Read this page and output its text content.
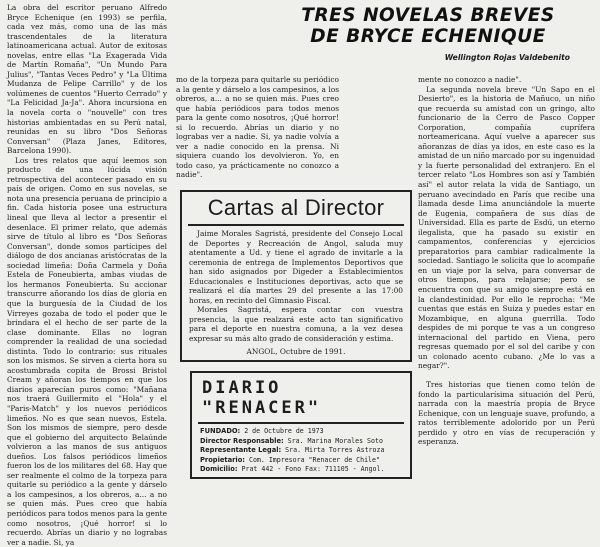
La obra del escritor peruano Alfredo Bryce Echenique (en 1993) se perfila, cada vez más, como una de las más trascendentales de la literatura latinoamericana actual. Autor de exitosas novelas, entre ellas "La Exagerada Vida de Martín Romaña", "Un Mundo Para Julius", "Tantas Veces Pedro" y "La Última Mudanza de Felipe Carrillo" y de los volúmenes de cuentos "Huerto Cerrado" y "La Felicidad Ja-Ja". Ahora incursiona en la novela corta o "nouvelle" con tres historias ambientadas en su Perú natal, reunidas en su libro "Dos Señoras Conversan" (Plaza Janes, Editores, Barcelona 1990).

Los tres relatos que aquí leemos son producto de una lúcida visión retrospectiva del acontecer pasado en su país de origen. Como en sus novelas, se nota una presencia peruana de principio a fin. Cada historia posee una estructura lineal que lleva al lector a presentir el desenlace. El primer relato, que además sirve de título al libro es "Dos Señoras Conversan", donde somos partícipes del diálogo de dos ancianas aristócratas de la sociedad limeña: Doña Carmela y Doña Estela de Foneubierta, ambas viudas de los hermanos Foneubierta. Su accionar transcurre añorando los días de gloria en que la burguesía de la Ciudad de los Virreyes gozaba de todo el poder que le brindara el el hecho de ser parte de la clase dominante. Ellas no logran comprender la realidad de una sociedad distinta. Todo lo contrario: sus rituales son los mismos. Se sirven a cierta hora su acostumbrada copita de Brossi Bristol Cream y añoran los tiempos en que los diarios aparecían puros como: "Mañana nos traerá Guillermito el "Hola" y el "Paris-Match" y los nuevos periódicos limeños. No es que sean nuevos, Estela. Son los mismos de siempre, pero desde que el gobierno del arquitecto Belaúnde volvieron a las manos de sus antiguos dueños. Los falsos periódicos limeños fueron los de los militares del 68. Hay que ser realmente el colmo de la torpeza para quitarle su periódico a la gente y dárselo a los campesinos, a los obreros, a... a no se quien más. Pues creo que había periódicos para todos menos para la gente como nosotros, ¡Qué horror! si lo recuerdo. Abrías un diario y no lograbas ver a nadie. Si, ya

TRES NOVELAS BREVES
DE BRYCE ECHENIQUE
Wellington Rojas Valdebenito

mo de la torpeza para quitarle su periódico a la gente y dárselo a los campesinos, a los obreros, a... a no se quien más. Pues creo que había periódicos para todos menos para la gente como nosotros, ¡Qué horror! si lo recuerdo. Abrías un diario y no lograbas ver a nadie. Si, ya nadie volvía a ver a nadie conocido en la prensa. Ni siquiera cuando los devolvieron. Yo, en todo caso, ya prácticamente no conozco a nadie".

mente no conozco a nadie".

La segunda novela breve "Un Sapo en el Desierto", es la historia de Mañuco, un niño que recuerda su amistad con un gringo, alto funcionario de la Cerro de Pasco Copper Corporation, compañía cuprífera norteamericana. Aquí vuelve a aparecer sus añoranzas de días ya idos, en este caso es la amistad de un niño marcado por su ingenuidad y la fuerte personalidad del extranjero. En el tercer relato "Los Hombres son así y También así" el autor relata la vida de Santiago, un peruano avecindado en París que recibe una llamada desde Lima anunciándole la muerte de Eugenia, compañera de sus días de Universidad. Ella es parte de Esdú, un eterno ilegalista, que ha pasado su existir en campamentos, conferencias y ejercicios preparatorios para cambiar radicalmente la sociedad. Santiago le solicita que lo acompañe en un viaje por la selva, para conversar de otros tiempos, para relajarse; pero se encuentra con que su amigo siempre está en la clandestinidad. Por ello le reprocha: "Me cuentas que estás en Suiza y puedes estar en Mozambique, en alguna guerrilla. Todo despides de mi porque te vas a un congreso internacional del partido en Viena, pero regresas quemado por el sol del caribe y con un colonado acento cubano. ¿Me lo vas a negar?".

Tres historias que tienen como telón de fondo la particularísima situación del Perú, narrada con la maestría propia de Bryce Echenique, con un lenguaje suave, profundo, a ratos terriblemente adolorido por un Perú perdido y otro en vías de recuperación y esperanza.

Cartas al Director

Jaime Morales Sagristá, presidente del Consejo Local de Deportes y Recreación de Angol, saluda muy atentamente a Ud. y tiene el agrado de invitarle a la ceremonia de entrega de Implementos Deportivos que han sido asignados por Digeder a Establecimientos Educacionales e Instituciones deportivas, acto que se realizará el día martes 29 del presente a las 17:00 horas, en recinto del Gimnasio Fiscal.

Morales Sagristá, espera contar con vuestra presencia, la que realzará este acto tan significativo para el deporte en nuestra comuna, a la vez desea expresar su más alto grado de consideración y estima.

ANGOL, Octubre de 1991.
DIARIO "RENACER"
FUNDADO: 2 de Octubre de 1973
Director Responsable: Sra. Marina Morales Soto
Representante Legal: Sra. Mirta Torres Astroza
Propietario: Com. Impresora "Renacer de Chile"
Domicilio: Prat 442 - Fono Fax: 711105 - Angol.
